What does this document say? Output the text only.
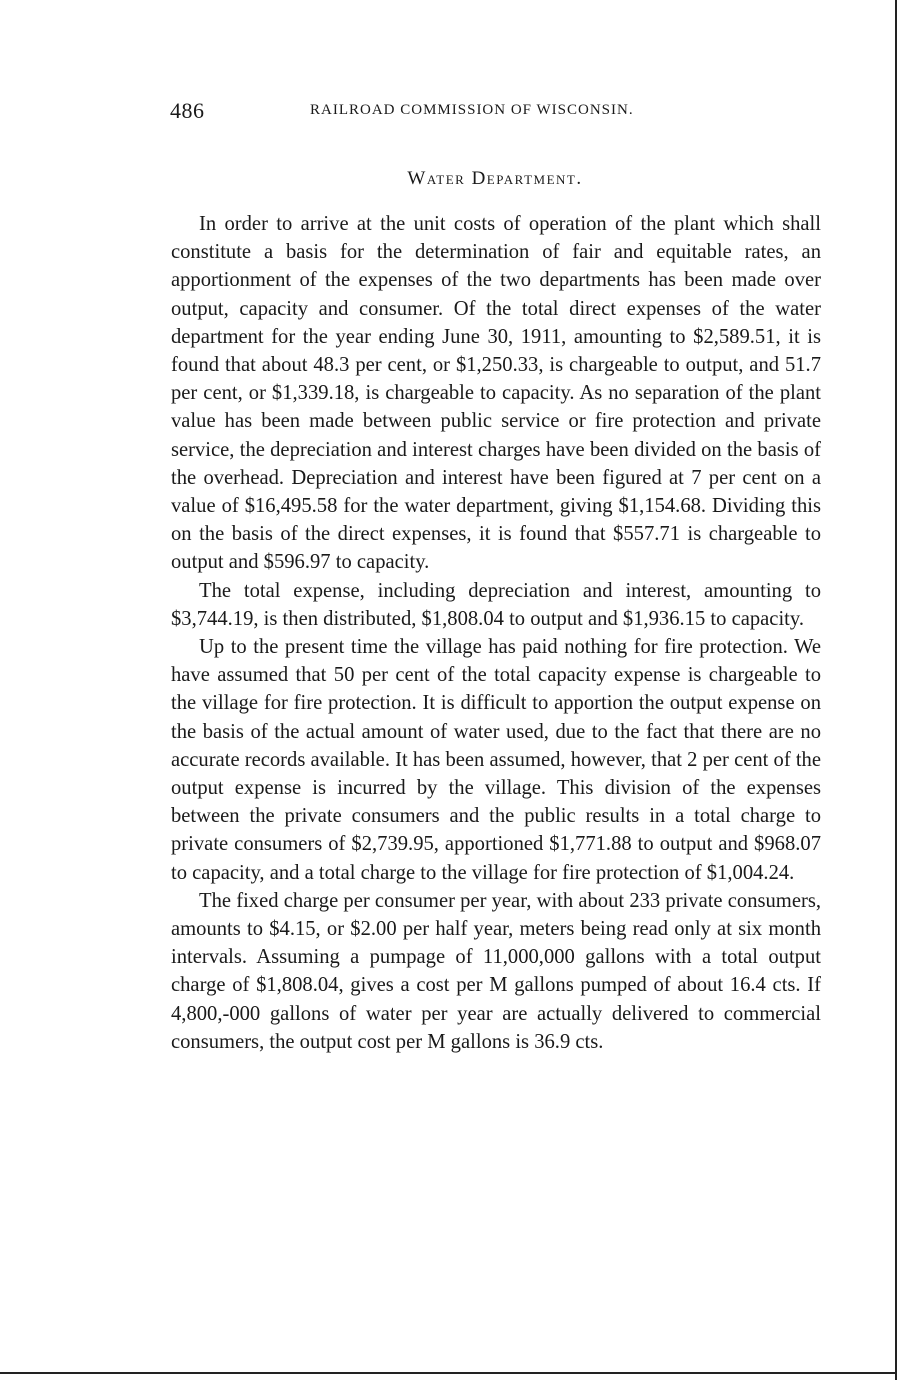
486	RAILROAD COMMISSION OF WISCONSIN.
Water Department.

In order to arrive at the unit costs of operation of the plant which shall constitute a basis for the determination of fair and equitable rates, an apportionment of the expenses of the two departments has been made over output, capacity and consumer. Of the total direct expenses of the water department for the year ending June 30, 1911, amounting to $2,589.51, it is found that about 48.3 per cent, or $1,250.33, is chargeable to output, and 51.7 per cent, or $1,339.18, is chargeable to capacity. As no separation of the plant value has been made between public service or fire protection and private service, the depreciation and interest charges have been divided on the basis of the overhead. Depreciation and interest have been figured at 7 per cent on a value of $16,495.58 for the water department, giving $1,154.68. Dividing this on the basis of the direct expenses, it is found that $557.71 is chargeable to output and $596.97 to capacity.

The total expense, including depreciation and interest, amounting to $3,744.19, is then distributed, $1,808.04 to output and $1,936.15 to capacity.

Up to the present time the village has paid nothing for fire protection. We have assumed that 50 per cent of the total capacity expense is chargeable to the village for fire protection. It is difficult to apportion the output expense on the basis of the actual amount of water used, due to the fact that there are no accurate records available. It has been assumed, however, that 2 per cent of the output expense is incurred by the village. This division of the expenses between the private consumers and the public results in a total charge to private consumers of $2,739.95, apportioned $1,771.88 to output and $968.07 to capacity, and a total charge to the village for fire protection of $1,004.24.

The fixed charge per consumer per year, with about 233 private consumers, amounts to $4.15, or $2.00 per half year, meters being read only at six month intervals. Assuming a pumpage of 11,000,000 gallons with a total output charge of $1,808.04, gives a cost per M gallons pumped of about 16.4 cts. If 4,800,-000 gallons of water per year are actually delivered to commercial consumers, the output cost per M gallons is 36.9 cts.
